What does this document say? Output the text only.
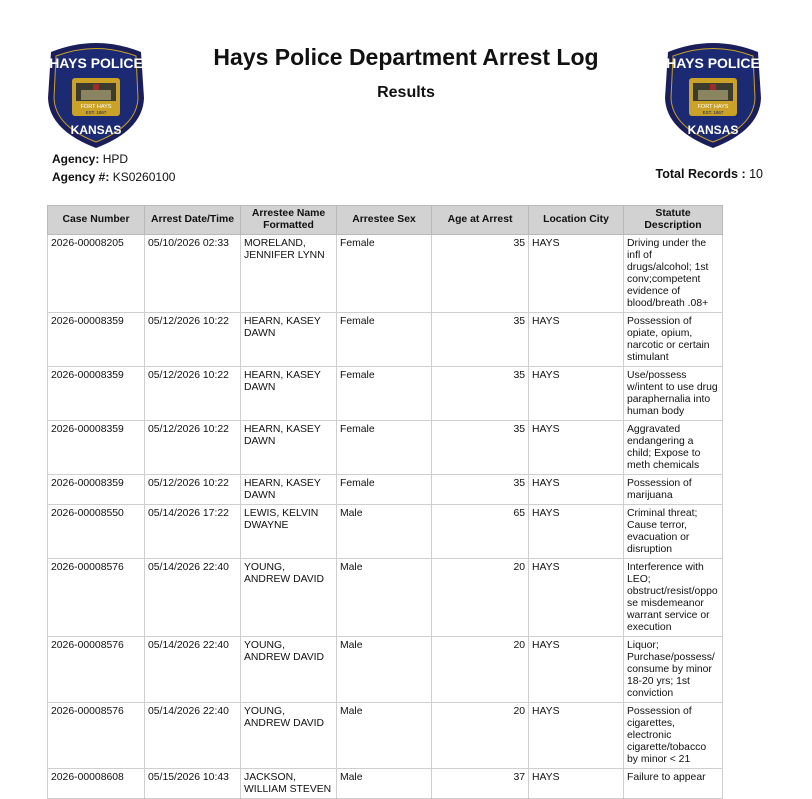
HAYS POLICE
FORT HAYS
EST. 1867
KANSAS
HAYS POLICE
FORT HAYS
EST. 1867
KANSAS
Hays Police Department Arrest Log
Results
Agency: HPD
Agency #: KS0260100	Total Records : 10
Case Number	Arrest Date/Time	Arrestee Name Formatted	Arrestee Sex	Age at Arrest	Location City	Statute Description
2026-00008205	05/10/2026 02:33	MORELAND, JENNIFER LYNN	Female	35	HAYS	Driving under the infl of drugs/alcohol; 1st conv;competent evidence of blood/breath .08+
2026-00008359	05/12/2026 10:22	HEARN, KASEY DAWN	Female	35	HAYS	Possession of opiate, opium, narcotic or certain stimulant
2026-00008359	05/12/2026 10:22	HEARN, KASEY DAWN	Female	35	HAYS	Use/possess w/intent to use drug paraphernalia into human body
2026-00008359	05/12/2026 10:22	HEARN, KASEY DAWN	Female	35	HAYS	Aggravated endangering a child; Expose to meth chemicals
2026-00008359	05/12/2026 10:22	HEARN, KASEY DAWN	Female	35	HAYS	Possession of marijuana
2026-00008550	05/14/2026 17:22	LEWIS, KELVIN DWAYNE	Male	65	HAYS	Criminal threat; Cause terror, evacuation or disruption
2026-00008576	05/14/2026 22:40	YOUNG, ANDREW DAVID	Male	20	HAYS	Interference with LEO; obstruct/resist/oppose misdemeanor warrant service or execution
2026-00008576	05/14/2026 22:40	YOUNG, ANDREW DAVID	Male	20	HAYS	Liquor; Purchase/possess/consume by minor 18-20 yrs; 1st conviction
2026-00008576	05/14/2026 22:40	YOUNG, ANDREW DAVID	Male	20	HAYS	Possession of cigarettes, electronic cigarette/tobacco by minor < 21
2026-00008608	05/15/2026 10:43	JACKSON, WILLIAM STEVEN	Male	37	HAYS	Failure to appear
